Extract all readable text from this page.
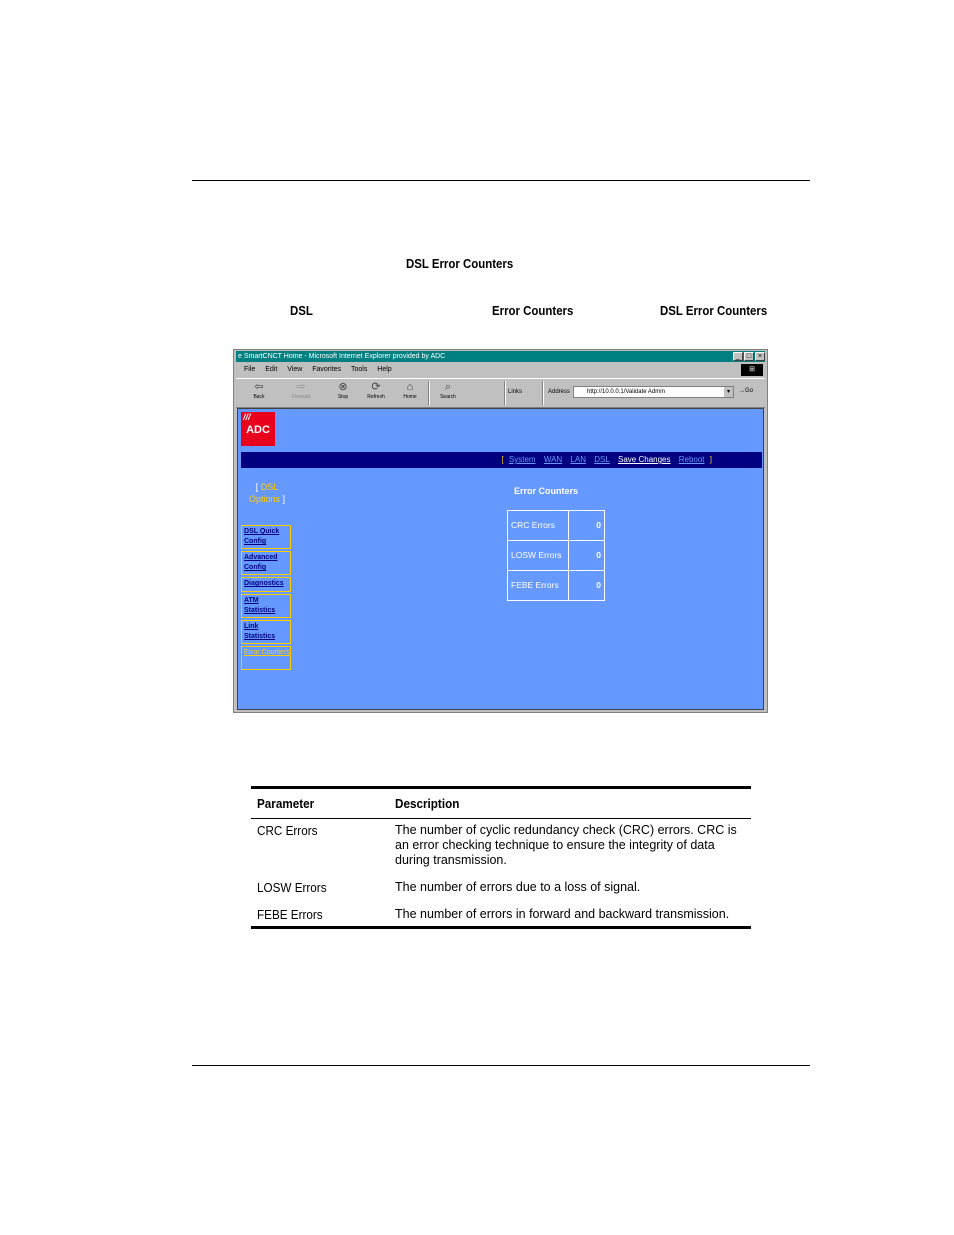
DSL Error Counters
DSL	Error Counters	DSL Error Counters
e SmartCNCT Home - Microsoft Internet Explorer provided by ADC	_ □ ×
File Edit View Favorites Tools Help	⊞
⇦
Back
⇨
Forward
⊗
Stop
⟳
Refresh
⌂
Home
⌕
Search
Links	Address	http://10.0.0.1/Validate Admin	▾	→Go
///
ADC
[ System WAN LAN DSL Save Changes Reboot ]
[ DSL Options ]
DSL Quick Config
Advanced Config
Diagnostics
ATM Statistics
Link Statistics
Error Counters
Error Counters
CRC Errors	0
LOSW Errors	0
FEBE Errors	0
Parameter	Description
CRC Errors	The number of cyclic redundancy check (CRC) errors. CRC is an error checking technique to ensure the integrity of data during transmission.
LOSW Errors	The number of errors due to a loss of signal.
FEBE Errors	The number of errors in forward and backward transmission.
